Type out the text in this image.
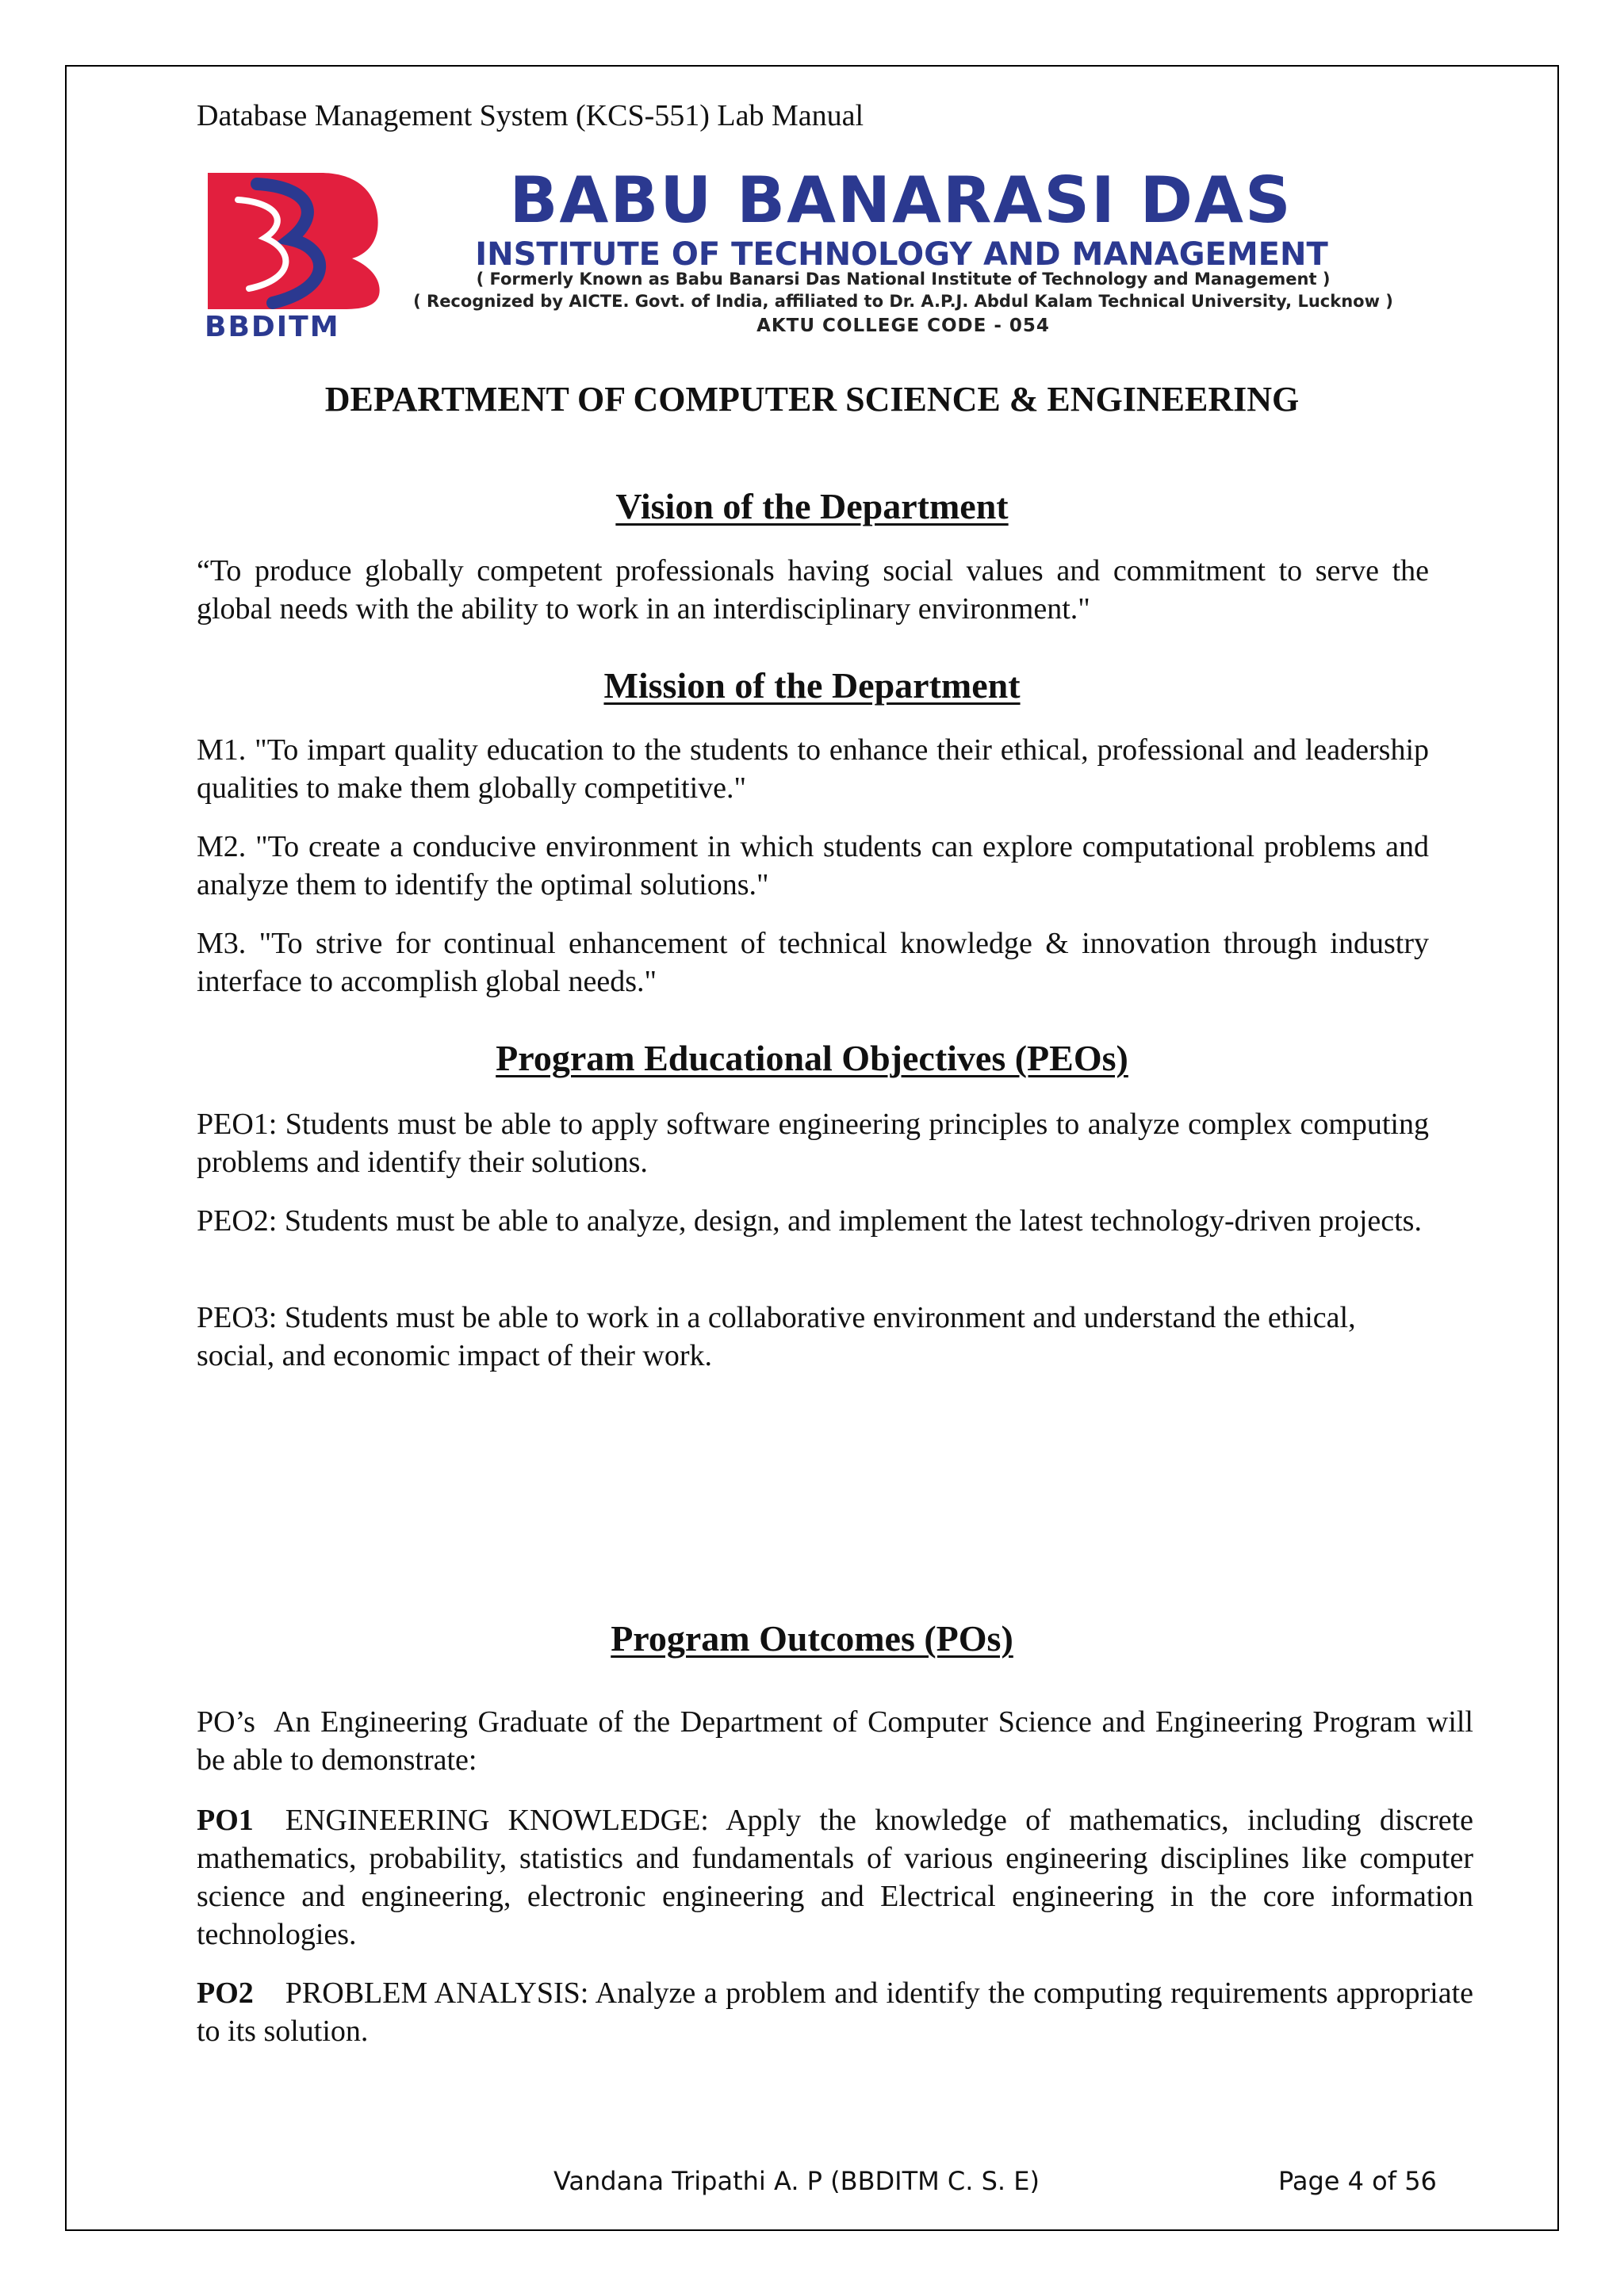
Database Management System (KCS-551) Lab Manual
BBDITM
BABU BANARASI DAS
INSTITUTE OF TECHNOLOGY AND MANAGEMENT
( Formerly Known as Babu Banarsi Das National Institute of Technology and Management )
( Recognized by AICTE. Govt. of India, affiliated to Dr. A.P.J. Abdul Kalam Technical University, Lucknow )
AKTU COLLEGE CODE - 054
DEPARTMENT OF COMPUTER SCIENCE & ENGINEERING
Vision of the Department

“To produce globally competent professionals having social values and commitment to serve the global needs with the ability to work in an interdisciplinary environment."

Mission of the Department

M1. "To impart quality education to the students to enhance their ethical, professional and leadership qualities to make them globally competitive."

M2. "To create a conducive environment in which students can explore computational problems and analyze them to identify the optimal solutions."

M3. "To strive for continual enhancement of technical knowledge & innovation through industry interface to accomplish global needs."

Program Educational Objectives (PEOs)

PEO1: Students must be able to apply software engineering principles to analyze complex computing problems and identify their solutions.

PEO2: Students must be able to analyze, design, and implement the latest technology-driven projects.

PEO3: Students must be able to work in a collaborative environment and understand the ethical, social, and economic impact of their work.

Program Outcomes (POs)

PO’s  An Engineering Graduate of the Department of Computer Science and Engineering Program will be able to demonstrate:

PO1 ENGINEERING KNOWLEDGE: Apply the knowledge of mathematics, including discrete mathematics, probability, statistics and fundamentals of various engineering disciplines like computer science and engineering, electronic engineering and Electrical engineering in the core information technologies.

PO2 PROBLEM ANALYSIS: Analyze a problem and identify the computing requirements appropriate to its solution.

Vandana Tripathi A. P (BBDITM C. S. E)	Page 4 of 56
